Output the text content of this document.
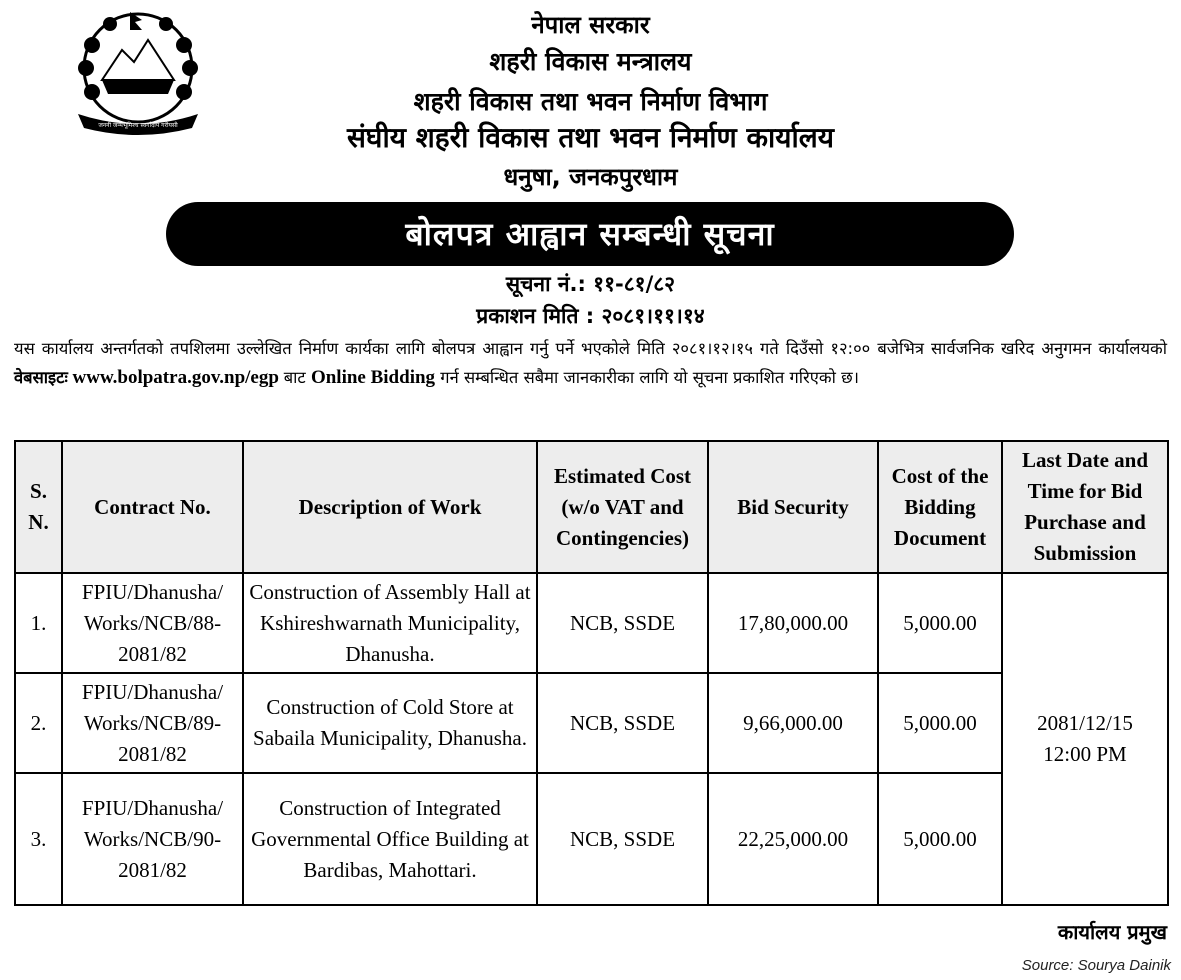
जननी जन्मभूमिश्च स्वर्गादपि गरीयसी
नेपाल सरकार
शहरी विकास मन्त्रालय
शहरी विकास तथा भवन निर्माण विभाग
संघीय शहरी विकास तथा भवन निर्माण कार्यालय
धनुषा, जनकपुरधाम
बोलपत्र आह्वान सम्बन्धी सूचना
सूचना नं.: ११-८१/८२
प्रकाशन मिति : २०८१।११।१४
यस कार्यालय अन्तर्गतको तपशिलमा उल्लेखित निर्माण कार्यका लागि बोलपत्र आह्वान गर्नु पर्ने भएकोले मिति २०८१।१२।१५ गते दिउँसो १२:०० बजेभित्र सार्वजनिक खरिद अनुगमन कार्यालयको वेबसाइटः www.bolpatra.gov.np/egp बाट Online Bidding गर्न सम्बन्धित सबैमा जानकारीका लागि यो सूचना प्रकाशित गरिएको छ।
S. N.	Contract No.	Description of Work	Estimated Cost (w/o VAT and Contingencies)	Bid Security	Cost of the Bidding Document	Last Date and Time for Bid Purchase and Submission
1.	FPIU/Dhanusha/ Works/NCB/88- 2081/82	Construction of Assembly Hall at Kshireshwarnath Municipality, Dhanusha.	NCB, SSDE	17,80,000.00	5,000.00	2081/12/15
12:00 PM

2.	FPIU/Dhanusha/ Works/NCB/89- 2081/82	Construction of Cold Store at Sabaila Municipality, Dhanusha.	NCB, SSDE	9,66,000.00	5,000.00	
3.	FPIU/Dhanusha/ Works/NCB/90- 2081/82	Construction of Integrated Governmental Office Building at Bardibas, Mahottari.	NCB, SSDE	22,25,000.00	5,000.00	
कार्यालय प्रमुख
Source: Sourya Dainik
